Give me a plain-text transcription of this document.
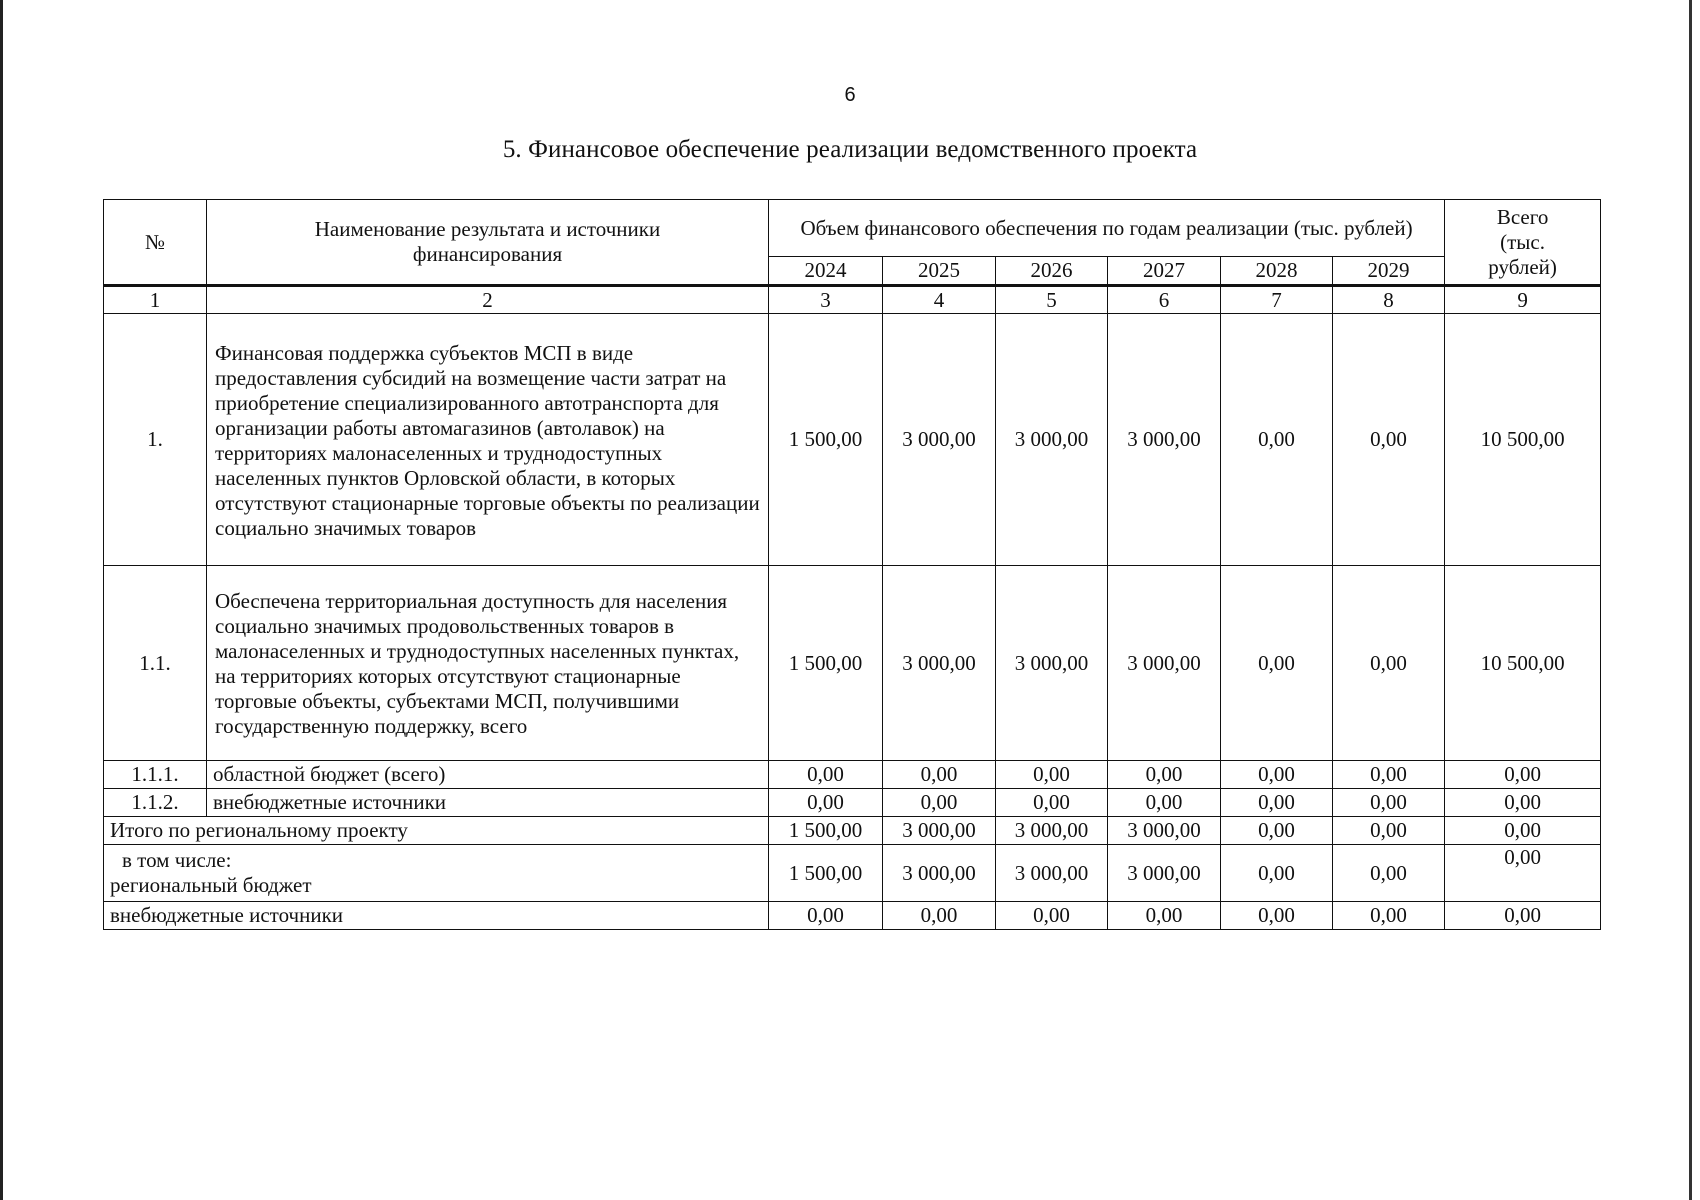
6
5. Финансовое обеспечение реализации ведомственного проекта
№	Наименование результата и источники финансирования	Объем финансового обеспечения по годам реализации (тыс. рублей)						Всего (тыс. рублей)
		2024	2025	2026	2027	2028	2029	
1	2	3	4	5	6	7	8	9
1.	Финансовая поддержка субъектов МСП в виде предоставления субсидий на возмещение части затрат на приобретение специализированного автотранспорта для организации работы автомагазинов (автолавок) на территориях малонаселенных и труднодоступных населенных пунктов Орловской области, в которых отсутствуют стационарные торговые объекты по реализации социально значимых товаров	1 500,00	3 000,00	3 000,00	3 000,00	0,00	0,00	10 500,00
1.1.	Обеспечена территориальная доступность для населения социально значимых продовольственных товаров в малонаселенных и труднодоступных населенных пунктах, на территориях которых отсутствуют стационарные торговые объекты, субъектами МСП, получившими государственную поддержку, всего	1 500,00	3 000,00	3 000,00	3 000,00	0,00	0,00	10 500,00
1.1.1.	областной бюджет (всего)	0,00	0,00	0,00	0,00	0,00	0,00	0,00
1.1.2.	внебюджетные источники	0,00	0,00	0,00	0,00	0,00	0,00	0,00
Итого по региональному проекту		1 500,00	3 000,00	3 000,00	3 000,00	0,00	0,00	0,00

в том числе:
региональный бюджет		1 500,00	3 000,00	3 000,00	3 000,00	0,00	0,00	0,00
внебюджетные источники		0,00	0,00	0,00	0,00	0,00	0,00	0,00
